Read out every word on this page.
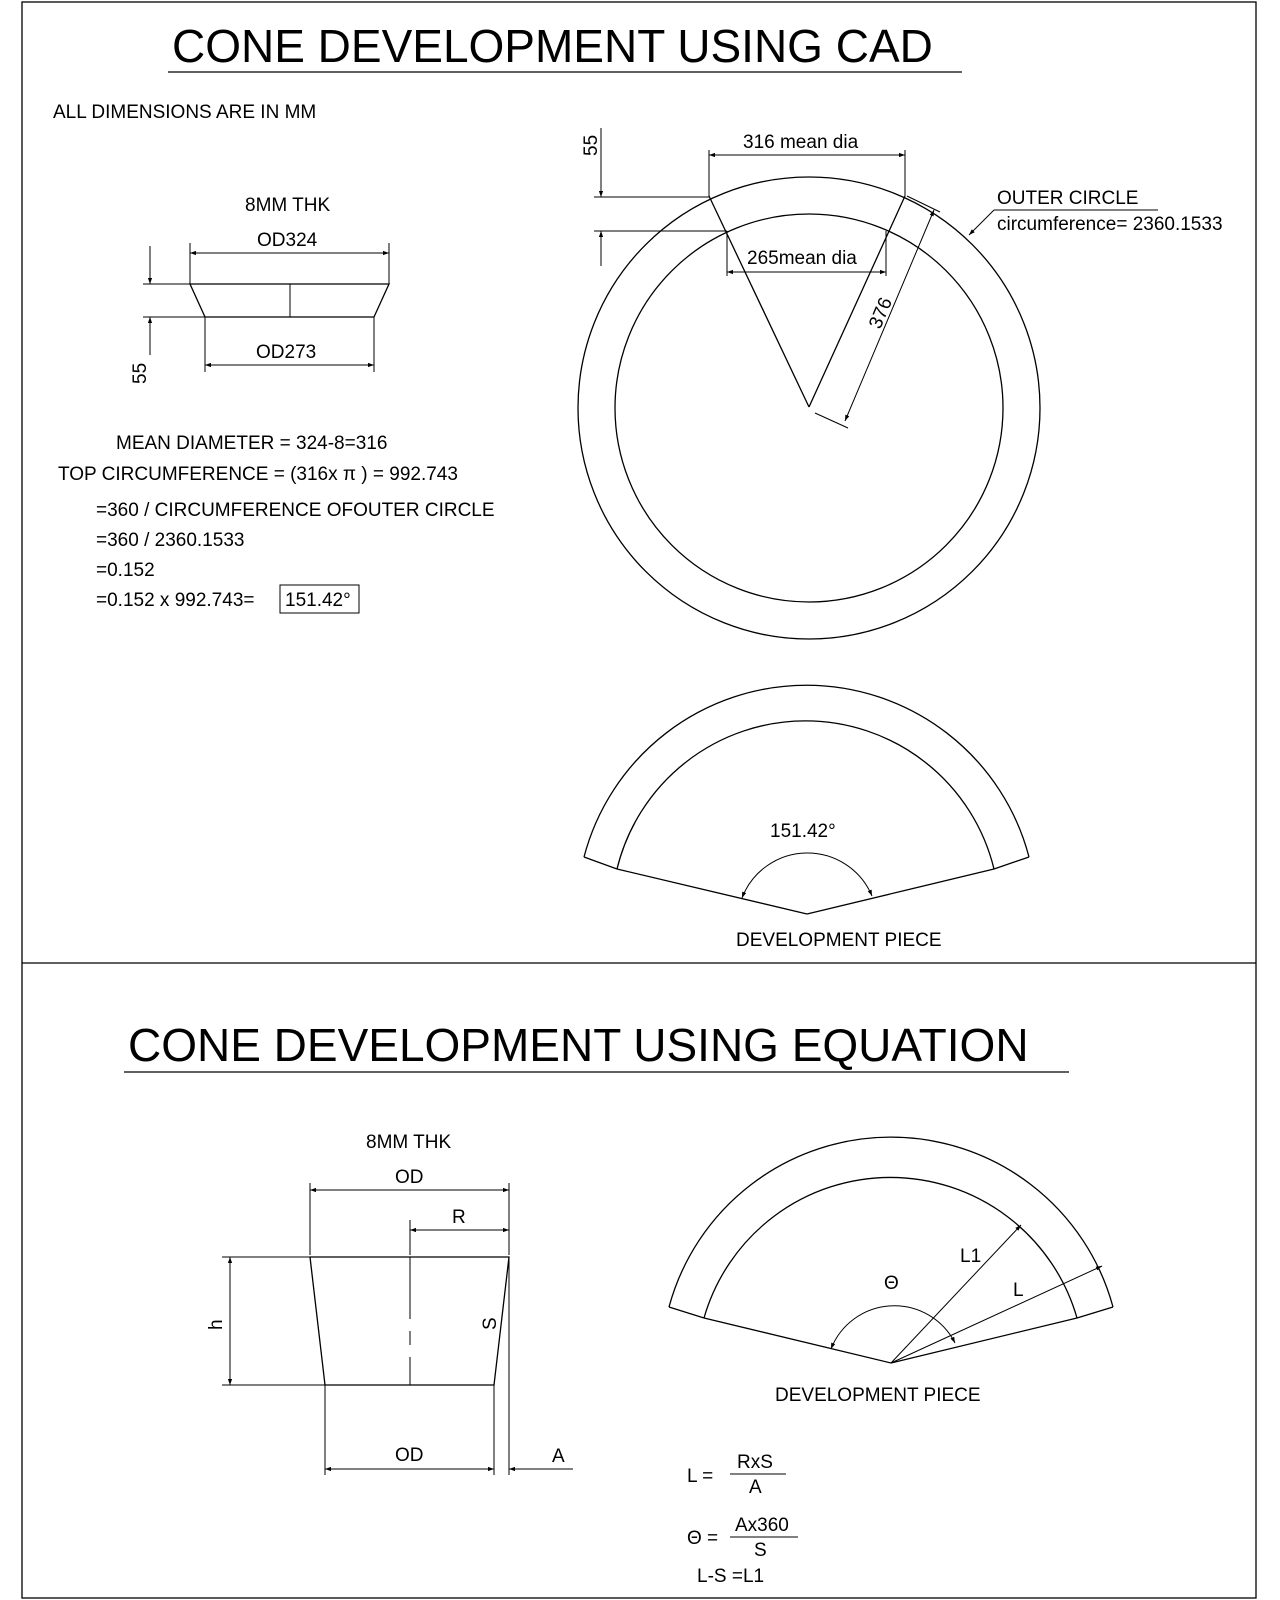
CONE DEVELOPMENT USING CAD
ALL DIMENSIONS ARE IN MM
8MM THK
OD324
OD273
55
MEAN DIAMETER = 324-8=316
TOP CIRCUMFERENCE = (316x π ) = 992.743
=360 / CIRCUMFERENCE OFOUTER CIRCLE
=360 / 2360.1533
=0.152
=0.152 x 992.743= 151.42°
316 mean dia
265mean dia
55
376
OUTER CIRCLE
circumference= 2360.1533
151.42°
DEVELOPMENT PIECE
CONE DEVELOPMENT USING EQUATION
8MM THK
OD
R
S
h
OD	A
Θ
L1
L
DEVELOPMENT PIECE
L =
RxS
A
Θ =
Ax360
S
L-S =L1
